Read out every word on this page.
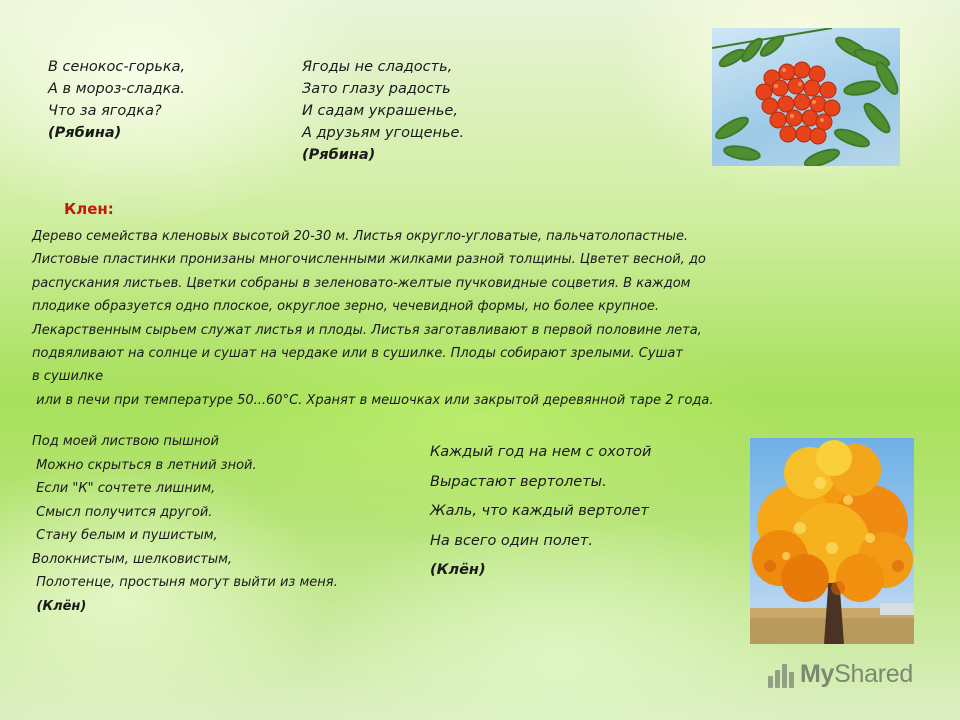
В сенокос-горька,
А в мороз-сладка.
Что за ягодка?
(Рябина)
Ягоды не сладость,
Зато глазу радость
И садам украшенье,
А друзьям угощенье.
(Рябина)
Клен:
Дерево семейства кленовых высотой 20-30 м. Листья округло-угловатые, пальчатолопастные.
Листовые пластинки пронизаны многочисленными жилками разной толщины. Цветет весной, до
распускания листьев. Цветки собраны в зеленовато-желтые пучковидные соцветия. В каждом
плодике образуется одно плоское, округлое зерно, чечевидной формы, но более крупное.
Лекарственным сырьем служат листья и плоды. Листья заготавливают в первой половине лета,
подвяливают на солнце и сушат на чердаке или в сушилке. Плоды собирают зрелыми. Сушат
в сушилке
или в печи при температуре 50...60°С. Хранят в мешочках или закрытой деревянной таре 2 года.
Под моей листвою пышной
Можно скрыться в летний зной.
Если "К" сочтете лишним,
Смысл получится другой.
Стану белым и пушистым,
Волокнистым, шелковистым,
Полотенце, простыня могут выйти из меня.
(Клён)
Каждый год на нем с охотой
Вырастают вертолеты.
Жаль, что каждый вертолет
На всего один полет.
(Клён)
MyShared
